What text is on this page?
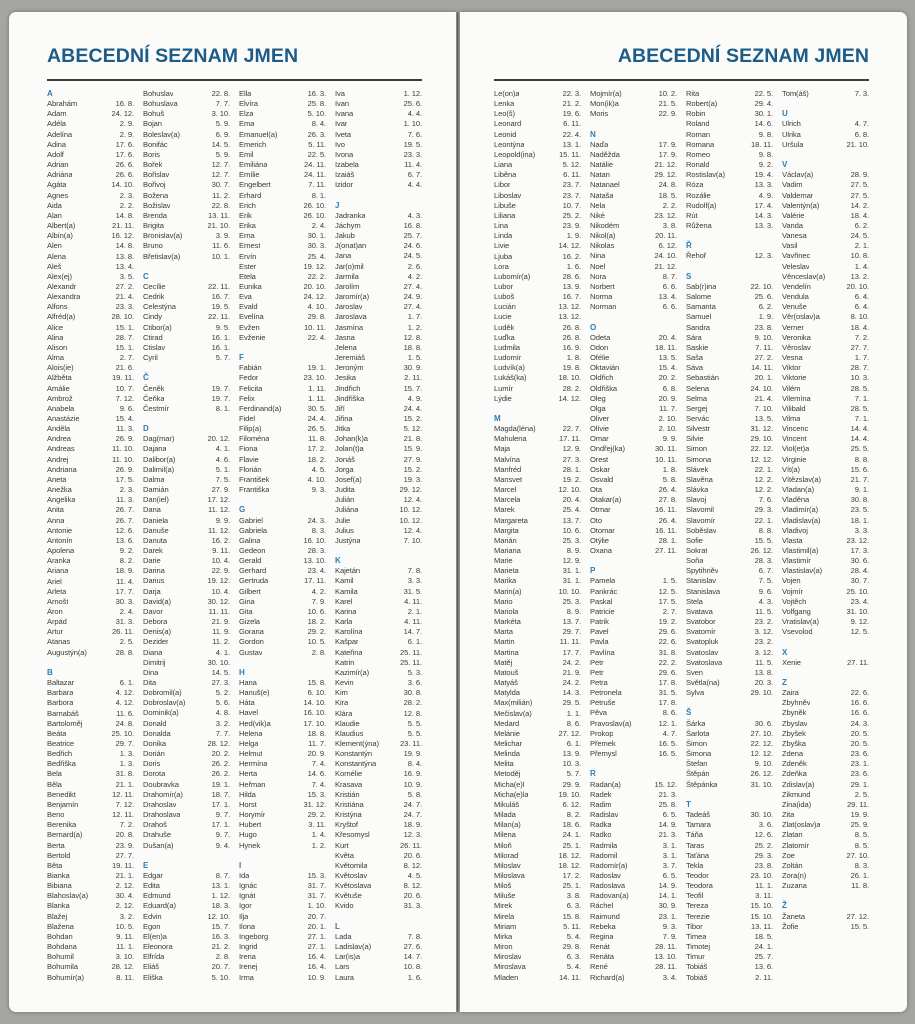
ABECEDNÍ SEZNAM JMEN
A
Abrahám	16. 8.
Adam	24. 12.
Adéla	2. 9.
Adelína	2. 9.
Adina	17. 6.
Adolf	17. 6.
Adrian	26. 6.
Adriána	26. 6.
Agáta	14. 10.
Agnes	2. 3.
Aida	2. 2.
Alan	14. 8.
Albert(a)	21. 11.
Albín(a)	16. 12.
Alen	14. 8.
Alena	13. 8.
Aleš	13. 4.
Alex(ej)	3. 5.
Alexandr	27. 2.
Alexandra	21. 4.
Alfons	23. 3.
Alfréd(a)	28. 10.
Alice	15. 1.
Alina	28. 7.
Alison	15. 1.
Alma	2. 7.
Alois(ie)	21. 6.
Alžběta	19. 11.
Amálie	10. 7.
Ambrož	7. 12.
Anabela	9. 6.
Anastázie	15. 4.
Anděla	11. 3.
Andrea	26. 9.
Andreas	11. 10.
Andrej	11. 10.
Andriana	26. 9.
Aneta	17. 5.
Anežka	2. 3.
Angelika	11. 3.
Anita	26. 7.
Anna	26. 7.
Antonie	12. 6.
Antonín	13. 6.
Apolena	9. 2.
Aranka	8. 2.
Ariana	18. 9.
Ariel	11. 4.
Arleta	17. 7.
Arnošt	30. 3.
Áron	2. 4.
Arpád	31. 3.
Artur	26. 11.
Atanas	2. 5.
Augustýn(a)	28. 8.
B
Baltazar	6. 1.
Barbara	4. 12.
Barbora	4. 12.
Barnabáš	11. 6.
Bartoloměj	24. 8.
Beáta	25. 10.
Beatrice	29. 7.
Bedřich	1. 3.
Bedřiška	1. 3.
Bela	31. 8.
Běla	21. 1.
Benedikt	12. 11.
Benjamín	7. 12.
Beno	12. 11.
Berenika	7. 2.
Bernard(a)	20. 8.
Berta	23. 9.
Bertold	27. 7.
Běta	19. 11.
Bianka	21. 1.
Bibiana	2. 12.
Blahoslav(a)	30. 4.
Blanka	2. 12.
Blažej	3. 2.
Blažena	10. 5.
Bohdan	9. 11.
Bohdana	11. 1.
Bohumil	3. 10.
Bohumila	28. 12.
Bohumír(a)	8. 11.
Bohuslav	22. 8.
Bohuslava	7. 7.
Bohuš	3. 10.
Bojan	5. 9.
Boleslav(a)	6. 9.
Bonifác	14. 5.
Boris	5. 9.
Bořek	12. 7.
Bořislav	12. 7.
Bořivoj	30. 7.
Božena	11. 2.
Božislav	22. 8.
Brenda	13. 11.
Brigita	21. 10.
Bronislav(a)	3. 9.
Bruno	11. 6.
Břetislav(a)	10. 1.
C
Cecílie	22. 11.
Cedrik	16. 7.
Celestýna	19. 5.
Cindy	22. 11.
Ctibor(a)	9. 5.
Ctirad	16. 1.
Ctislav	16. 1.
Cyril	5. 7.
Č
Čeněk	19. 7.
Čeňka	19. 7.
Čestmír	8. 1.
D
Dag(mar)	20. 12.
Dajana	4. 1.
Dalibor(a)	4. 6.
Dalimil(a)	5. 1.
Dalma	7. 5.
Damián	27. 9.
Dan(iel)	17. 12.
Dana	11. 12.
Daniela	9. 9.
Danuše	11. 12.
Danuta	16. 2.
Darek	9. 11.
Darie	10. 4.
Darina	22. 9.
Darius	19. 12.
Darja	10. 4.
David(a)	30. 12.
Davor	11. 11.
Debora	21. 9.
Denis(a)	11. 9.
Dezider	11. 2.
Diana	4. 1.
Dimitrij	30. 10.
Dina	14. 5.
Dita	27. 3.
Dobromil(a)	5. 2.
Dobroslav(a)	5. 6.
Dominik(a)	4. 8.
Donald	3. 2.
Donalda	7. 7.
Donika	28. 12.
Dorián	20. 2.
Doris	26. 2.
Dorota	26. 2.
Doubravka	19. 1.
Drahomír(a)	18. 7.
Drahoslav	17. 1.
Drahoslava	9. 7.
Drahoš	17. 1.
Drahuše	9. 7.
Dušan(a)	9. 4.
E
Edgar	8. 7.
Edita	13. 1.
Edmund	1. 12.
Eduard(a)	18. 3.
Edvin	12. 10.
Egon	15. 7.
El(en)a	16. 3.
Eleonora	21. 2.
Elfrída	2. 8.
Eliáš	20. 7.
Eliška	5. 10.
Ella	16. 3.
Elvíra	25. 8.
Elza	5. 10.
Ema	8. 4.
Emanuel(a)	26. 3.
Emerich	5. 11.
Emil	22. 5.
Emiliána	24. 11.
Emílie	24. 11.
Engelbert	7. 11.
Erhard	8. 1.
Erich	26. 10.
Erik	26. 10.
Erika	2. 4.
Erna	30. 1.
Ernest	30. 3.
Ervín	25. 4.
Ester	19. 12.
Etela	22. 2.
Eunika	20. 10.
Eva	24. 12.
Evald	4. 10.
Evelína	29. 8.
Evžen	10. 11.
Evženie	22. 4.
F
Fabián	19. 1.
Fedor	23. 10.
Felicita	1. 11.
Felix	1. 11.
Ferdinand(a)	30. 5.
Fidel	24. 4.
Filip(a)	26. 5.
Filoména	11. 8.
Fiona	17. 2.
Flavie	18. 2.
Florián	4. 5.
František	4. 10.
Františka	9. 3.
G
Gabriel	24. 3.
Gabriela	8. 3.
Galina	16. 10.
Gedeon	28. 3.
Gerald	13. 10.
Gerhard	23. 4.
Gertruda	17. 11.
Gilbert	4. 2.
Gina	7. 9.
Gita	10. 6.
Gizela	18. 2.
Gorana	29. 2.
Gordon	10. 5.
Gustav	2. 8.
H
Hana	15. 8.
Hanuš(e)	6. 10.
Háta	14. 10.
Havel	16. 10.
Hed(vik)a	17. 10.
Helena	18. 8.
Helga	11. 7.
Helmut	20. 9.
Hermína	7. 4.
Herta	14. 6.
Heřman	7. 4.
Hilda	15. 3.
Horst	31. 12.
Horymír	29. 2.
Hubert	3. 11.
Hugo	1. 4.
Hynek	1. 2.
I
Ida	15. 3.
Ignác	31. 7.
Ignát	31. 7.
Igor	1. 10.
Ilja	20. 7.
Ilona	20. 1.
Ingeborg	27. 1.
Ingrid	27. 1.
Irena	16. 4.
Irenej	16. 4.
Irma	10. 9.
Iva	1. 12.
Ivan	25. 6.
Ivana	4. 4.
Ivar	1. 10.
Iveta	7. 6.
Ivo	19. 5.
Ivona	23. 3.
Izabela	11. 4.
Izaiáš	6. 7.
Izidor	4. 4.
J
Jadranka	4. 3.
Jáchym	16. 8.
Jakub	25. 7.
J(onat)an	24. 6.
Jana	24. 5.
Jar(o)mil	2. 6.
Jarmila	4. 2.
Jarolím	27. 4.
Jaromír(a)	24. 9.
Jaroslav	27. 4.
Jaroslava	1. 7.
Jasmína	1. 2.
Jasna	12. 8.
Jelena	18. 8.
Jeremiáš	1. 5.
Jeroným	30. 9.
Jesika	2. 11.
Jindřich	15. 7.
Jindřiška	4. 9.
Jiří	24. 4.
Jiřina	15. 2.
Jitka	5. 12.
Johan(k)a	21. 8.
Jolan(t)a	15. 9.
Jonáš	27. 9.
Jorga	15. 2.
Josef(a)	19. 3.
Judita	29. 12.
Julián	12. 4.
Juliána	10. 12.
Julie	10. 12.
Julius	12. 4.
Justýna	7. 10.
K
Kajetán	7. 8.
Kamil	3. 3.
Kamila	31. 5.
Karel	4. 11.
Karina	2. 1.
Karla	4. 11.
Karolína	14. 7.
Kašpar	6. 1.
Kateřina	25. 11.
Katrin	25. 11.
Kazimír(a)	5. 3.
Kevin	3. 6.
Kim	30. 8.
Kira	28. 2.
Klára	12. 8.
Klaudie	5. 5.
Klaudius	5. 5.
Klement(ýna)	23. 11.
Konstantýn	19. 9.
Konstantýna	8. 4.
Kornélie	16. 9.
Krasava	10. 9.
Kristián	5. 8.
Kristiána	24. 7.
Kristýna	24. 7.
Kryštof	18. 9.
Křesomysl	12. 3.
Kurt	26. 11.
Květa	20. 6.
Květomila	8. 12.
Květoslav	4. 5.
Květoslava	8. 12.
Květuše	20. 6.
Kvido	31. 3.
L
Lada	7. 8.
Ladislav(a)	27. 6.
Lar(is)a	14. 7.
Lars	10. 8.
Laura	1. 6.
ABECEDNÍ SEZNAM JMEN
Le(on)a	22. 3.
Lenka	21. 2.
Leo(š)	19. 6.
Leonard	6. 11.
Leonid	22. 4.
Leontýna	13. 1.
Leopold(ina)	15. 11.
Liana	5. 12.
Liběna	6. 11.
Libor	23. 7.
Liboslav	23. 7.
Libuše	10. 7.
Liliana	25. 2.
Lina	23. 9.
Linda	1. 9.
Livie	14. 12.
Ljuba	16. 2.
Lora	1. 6.
Lubomír(a)	28. 6.
Lubor	13. 9.
Luboš	16. 7.
Lucián	13. 12.
Lucie	13. 12.
Luděk	26. 8.
Luďka	26. 8.
Ludmila	16. 9.
Ludomír	1. 8.
Ludvík(a)	19. 8.
Lukáš(ka)	18. 10.
Lumír	28. 2.
Lýdie	14. 12.
M
Magda(léna)	22. 7.
Mahulena	17. 11.
Maja	12. 9.
Malvína	27. 3.
Manfréd	28. 1.
Mansvet	19. 2.
Marcel	12. 10.
Marcela	20. 4.
Marek	25. 4.
Margareta	13. 7.
Margita	10. 6.
Marián	25. 3.
Mariana	8. 9.
Marie	12. 9.
Marieta	31. 1.
Marika	31. 1.
Marin(a)	10. 10.
Mario	25. 3.
Mariola	8. 9.
Markéta	13. 7.
Marta	29. 7.
Martin	11. 11.
Martina	17. 7.
Matěj	24. 2.
Matouš	21. 9.
Matyáš	24. 2.
Matylda	14. 3.
Max(milián)	29. 5.
Mečislav(a)	1. 1.
Medard	8. 6.
Melánie	27. 12.
Melichar	6. 1.
Melinda	13. 9.
Melita	10. 3.
Metoděj	5. 7.
Micha(e)l	29. 9.
Micha(e)la	19. 10.
Mikuláš	6. 12.
Milada	8. 2.
Milan(a)	18. 6.
Milena	24. 1.
Miloň	25. 1.
Milorad	18. 12.
Miloslav	18. 12.
Miloslava	17. 2.
Miloš	25. 1.
Miluše	3. 8.
Mirek	6. 3.
Mirela	15. 8.
Miriam	5. 11.
Mirka	5. 4.
Miron	29. 8.
Miroslav	6. 3.
Miroslava	5. 4.
Mladen	14. 11.
Mojmír(a)	10. 2.
Mon(ik)a	21. 5.
Moris	22. 9.
N
Naďa	17. 9.
Naděžda	17. 9.
Natálie	21. 12.
Natan	29. 12.
Natanael	24. 8.
Nataša	18. 5.
Nela	2. 2.
Niké	23. 12.
Nikodém	3. 8.
Nikol(a)	20. 11.
Nikolas	6. 12.
Nina	24. 10.
Noel	21. 12.
Nora	8. 7.
Norbert	6. 6.
Norma	13. 4.
Norman	6. 6.
O
Odeta	20. 4.
Odon	18. 11.
Ofélie	13. 5.
Oktavián	15. 4.
Oldřich	20. 2.
Oldřiška	6. 8.
Oleg	20. 9.
Olga	11. 7.
Oliver	2. 10.
Olívie	2. 10.
Omar	9. 9.
Ondřej(ka)	30. 11.
Orest	10. 11.
Oskar	1. 8.
Osvald	5. 8.
Ota	26. 4.
Otakar(a)	27. 8.
Otmar	16. 11.
Oto	26. 4.
Otomar	16. 11.
Otýlie	28. 1.
Oxana	27. 11.
P
Pamela	1. 5.
Pankrác	12. 5.
Paskal	17. 5.
Patricie	2. 7.
Patrik	19. 2.
Pavel	29. 6.
Pavla	22. 6.
Pavlína	31. 8.
Petr	22. 2.
Petr	29. 6.
Petra	17. 8.
Petronela	31. 5.
Petruše	17. 8.
Pěva	8. 6.
Pravoslav(a)	12. 1.
Prokop	4. 7.
Přemek	16. 5.
Přemysl	16. 5.
R
Radan(a)	15. 12.
Radek	21. 3.
Radim	25. 8.
Radislav	6. 5.
Radka	14. 9.
Radko	21. 3.
Radmila	3. 1.
Radomil	3. 1.
Radomír(a)	3. 7.
Radoslav	6. 5.
Radoslava	14. 9.
Radovan(a)	14. 1.
Ráchel	30. 9.
Raimund	23. 1.
Rebeka	9. 3.
Regina	7. 9.
Renát	28. 11.
Renáta	13. 10.
René	28. 11.
Richard(a)	3. 4.
Rita	22. 5.
Robert(a)	29. 4.
Robin	30. 1.
Roland	14. 6.
Roman	9. 8.
Romana	18. 11.
Romeo	9. 8.
Ronald	9. 2.
Rostislav(a)	19. 4.
Róza	13. 3.
Rozálie	4. 9.
Rudolf(a)	17. 4.
Rút	14. 3.
Růžena	13. 3.
Ř
Řehoř	12. 3.
S
Sab(r)ina	22. 10.
Salome	25. 6.
Samanta	6. 2.
Samuel	1. 9.
Sandra	23. 8.
Sára	9. 10.
Saskie	7. 11.
Saša	27. 2.
Sáva	14. 11.
Sebastián	20. 1.
Selena	24. 10.
Selma	21. 4.
Sergej	7. 10.
Servác	13. 5.
Silvestr	31. 12.
Silvie	29. 10.
Simon	22. 12.
Simona	12. 12.
Slávek	22. 1.
Slavěna	12. 2.
Slávka	12. 2.
Slavoj	7. 6.
Slavomil	29. 3.
Slavomír	22. 1.
Soběslav	8. 8.
Sofie	15. 5.
Sokrat	26. 12.
Soňa	28. 3.
Spytihněv	6. 7.
Stanislav	7. 5.
Stanislava	9. 6.
Stela	4. 3.
Svatava	11. 5.
Svatobor	23. 2.
Svatomír	3. 12.
Svatopluk	23. 2.
Svatoslav	3. 12.
Svatoslava	11. 5.
Sven	13. 8.
Světla(na)	20. 3.
Sylva	29. 10.
Š
Šárka	30. 6.
Šarlota	27. 10.
Šimon	22. 12.
Šimona	12. 12.
Štefan	9. 10.
Štěpán	26. 12.
Štěpánka	31. 10.
T
Tadeáš	30. 10.
Tamara	3. 6.
Táňa	12. 6.
Taras	25. 2.
Taťána	29. 3.
Tekla	23. 8.
Teodor	23. 10.
Teodora	11. 1.
Teofil	3. 11.
Tereza	15. 10.
Terezie	15. 10.
Tibor	13. 11.
Timea	18. 5.
Timotej	24. 1.
Timur	25. 7.
Tobiáš	13. 6.
Tobiáš	2. 11.
Tom(áš)	7. 3.
U
Ulrich	4. 7.
Ulrika	6. 8.
Uršula	21. 10.
V
Václav(a)	28. 9.
Vadim	27. 5.
Valdemar	27. 5.
Valentýn(a)	14. 2.
Valérie	18. 4.
Vanda	6. 2.
Vanesa	24. 5.
Vasil	2. 1.
Vavřinec	10. 8.
Veleslav	1. 4.
Věnceslav(a)	13. 2.
Vendelín	20. 10.
Vendula	6. 4.
Venuše	6. 4.
Věr(oslav)a	8. 10.
Verner	18. 4.
Veronika	7. 2.
Věroslav	27. 7.
Vesna	1. 7.
Viktor	28. 7.
Viktorie	10. 3.
Vilém	28. 5.
Vilemína	7. 1.
Vilibald	28. 5.
Vilma	7. 1.
Vincenc	14. 4.
Vincent	14. 4.
Viol(et)a	25. 5.
Virginie	8. 8.
Vít(a)	15. 6.
Vítězslav(a)	21. 7.
Vladan(a)	9. 1.
Vladěna	30. 8.
Vladimír(a)	23. 5.
Vladislav(a)	18. 1.
Vladivoj	3. 3.
Vlasta	23. 12.
Vlastimil(a)	17. 3.
Vlastimír	30. 6.
Vlastislav(a)	28. 4.
Vojen	30. 7.
Vojmír	25. 10.
Vojtěch	23. 4.
Volfgang	31. 10.
Vratislav(a)	9. 12.
Vsevolod	12. 5.
X
Xenie	27. 11.
Z
Zaira	22. 6.
Zbyhněv	16. 6.
Zbyněk	16. 6.
Zbyslav	24. 3.
Zbyšek	20. 5.
Zbyška	20. 5.
Zdena	23. 6.
Zdeněk	23. 1.
Zdeňka	23. 6.
Zdislav(a)	29. 1.
Zikmund	2. 5.
Zina(ida)	29. 11.
Zita	19. 9.
Zlat(oslav)a	25. 9.
Zlatan	8. 5.
Zlatomír	8. 5.
Zoe	27. 10.
Zoltán	8. 3.
Zora(n)	26. 1.
Zuzana	11. 8.
Ž
Žaneta	27. 12.
Žofie	15. 5.
